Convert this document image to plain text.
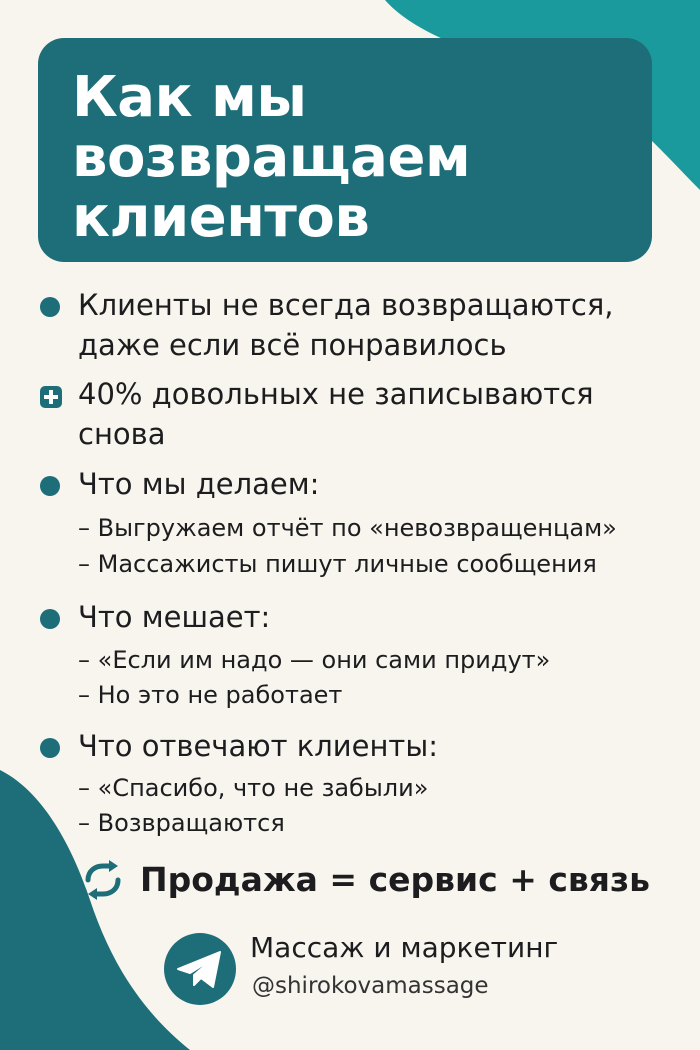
Как мы
возвращаем
клиентов
Клиенты не всегда возвращаются,
даже если всё понравилось
40% довольных не записываются
снова
Что мы делаем:
– Выгружаем отчёт по «невозвращенцам»
– Массажисты пишут личные сообщения
Что мешает:
– «Если им надо — они сами придут»
– Но это не работает
Что отвечают клиенты:
– «Спасибо, что не забыли»
– Возвращаются
Продажа = сервис + связь
Массаж и маркетинг
@shirokovamassage
